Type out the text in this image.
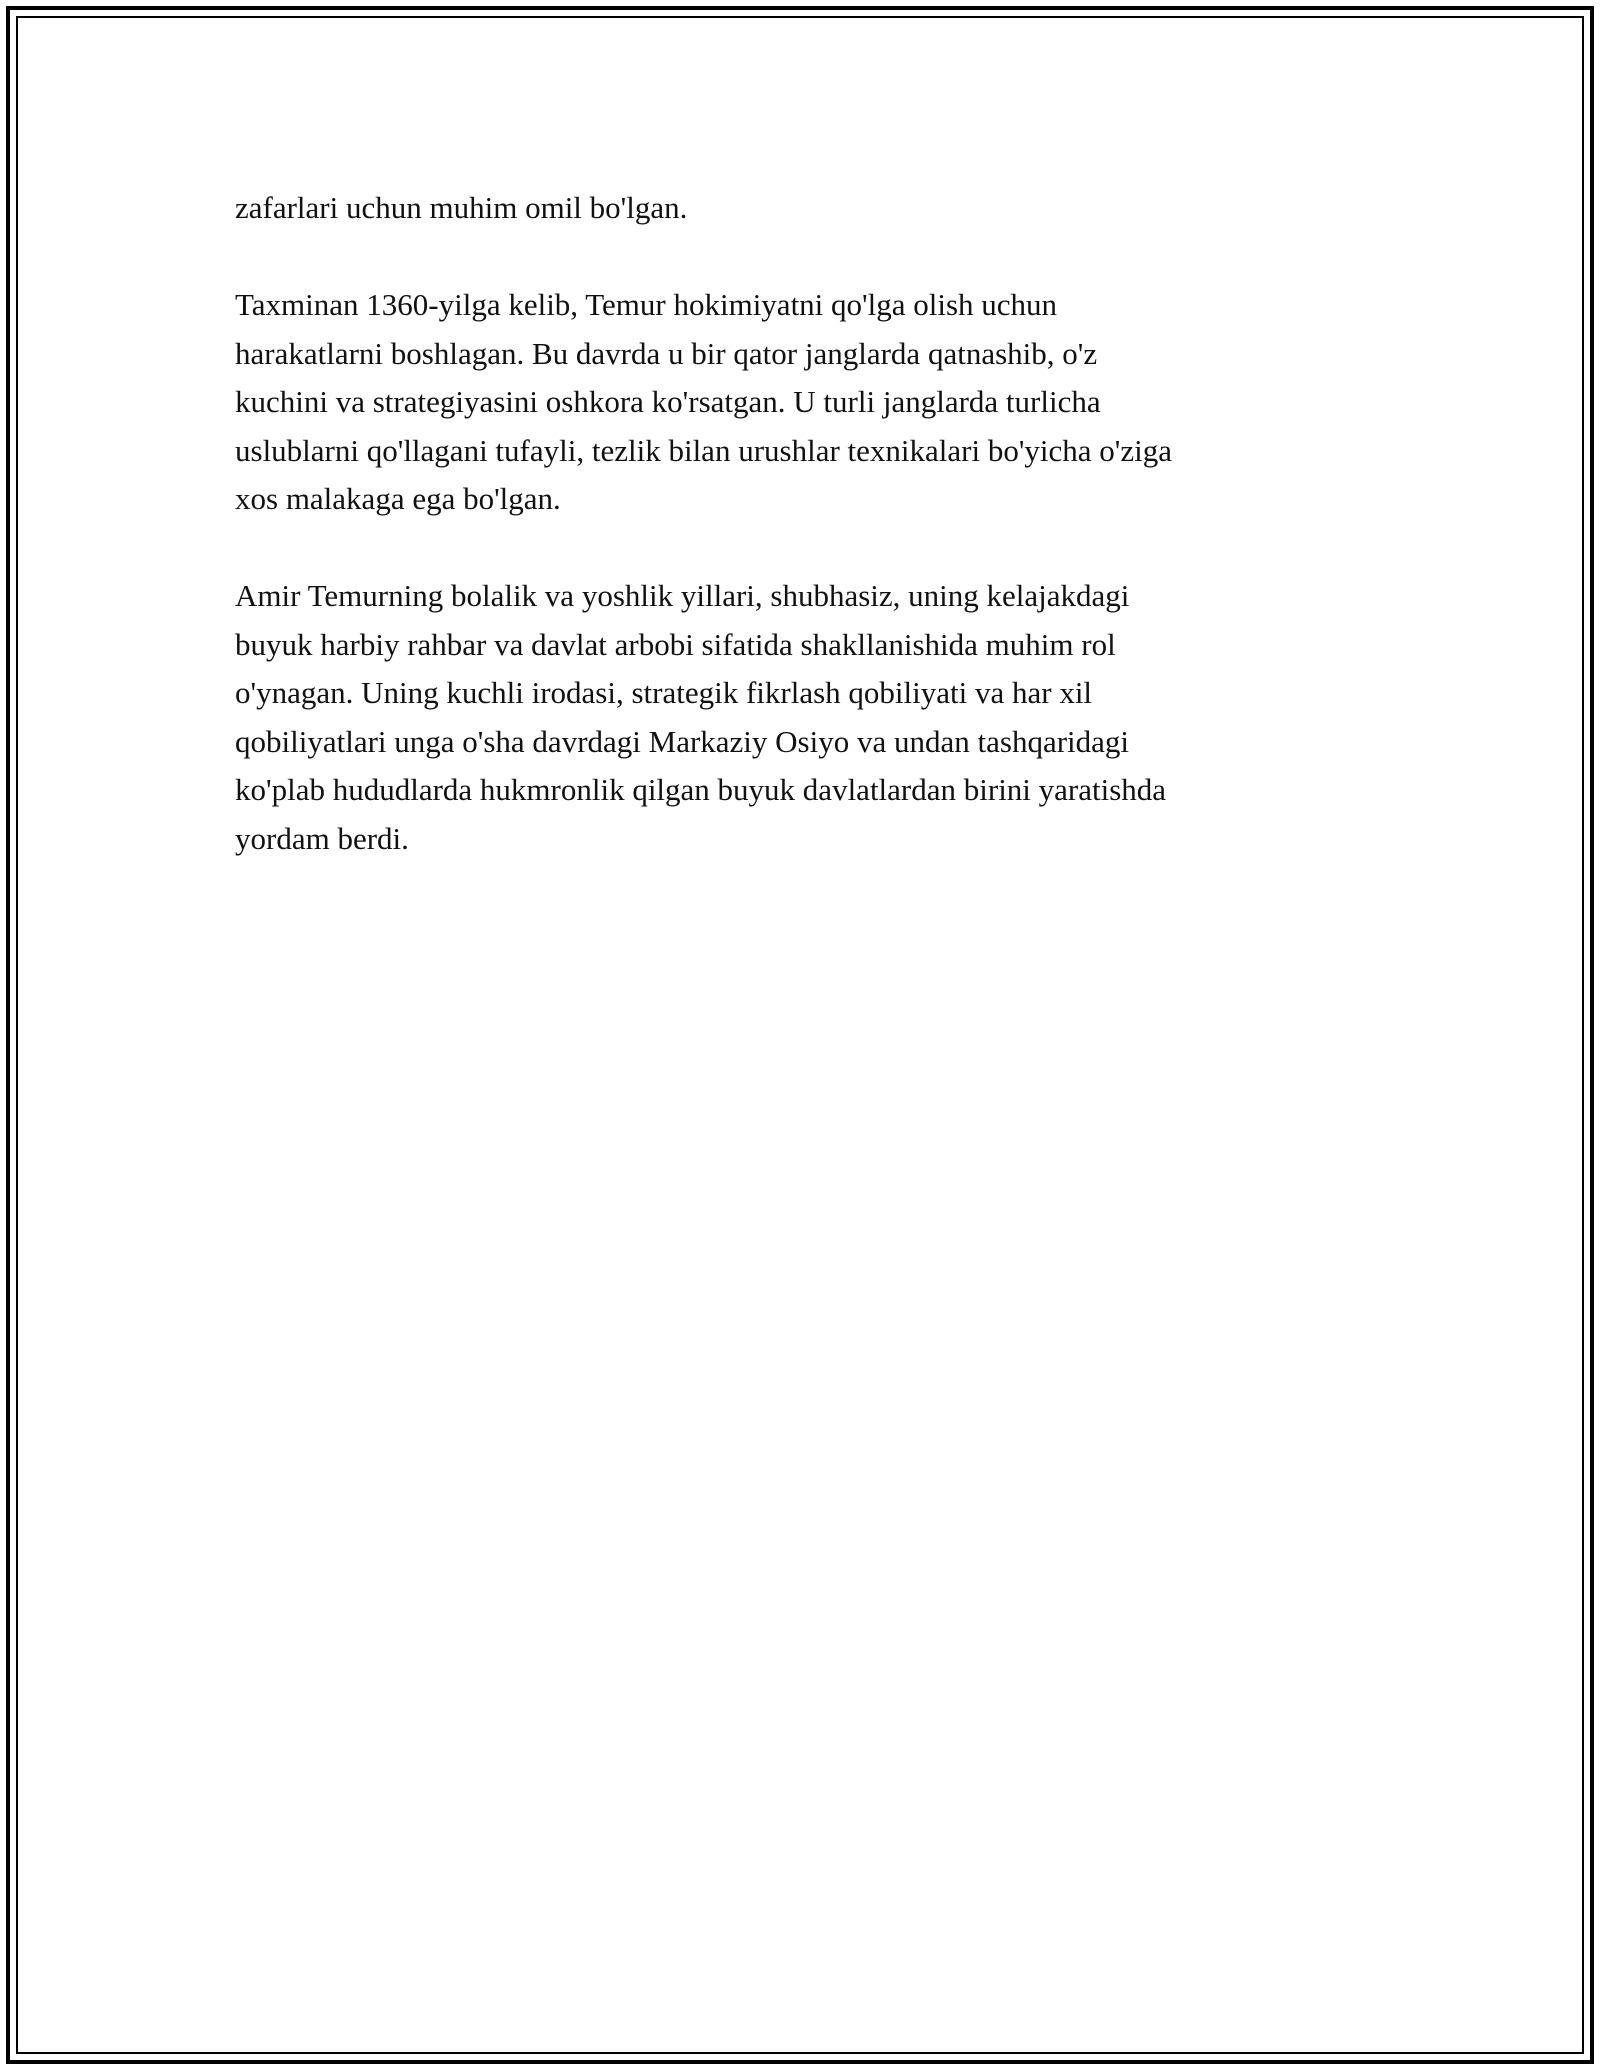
zafarlari uchun muhim omil bo'lgan.

Taxminan 1360-yilga kelib, Temur hokimiyatni qo'lga olish uchun
harakatlarni boshlagan. Bu davrda u bir qator janglarda qatnashib, o'z
kuchini va strategiyasini oshkora ko'rsatgan. U turli janglarda turlicha
uslublarni qo'llagani tufayli, tezlik bilan urushlar texnikalari bo'yicha o'ziga
xos malakaga ega bo'lgan.

Amir Temurning bolalik va yoshlik yillari, shubhasiz, uning kelajakdagi
buyuk harbiy rahbar va davlat arbobi sifatida shakllanishida muhim rol
o'ynagan. Uning kuchli irodasi, strategik fikrlash qobiliyati va har xil
qobiliyatlari unga o'sha davrdagi Markaziy Osiyo va undan tashqaridagi
ko'plab hududlarda hukmronlik qilgan buyuk davlatlardan birini yaratishda
yordam berdi.
